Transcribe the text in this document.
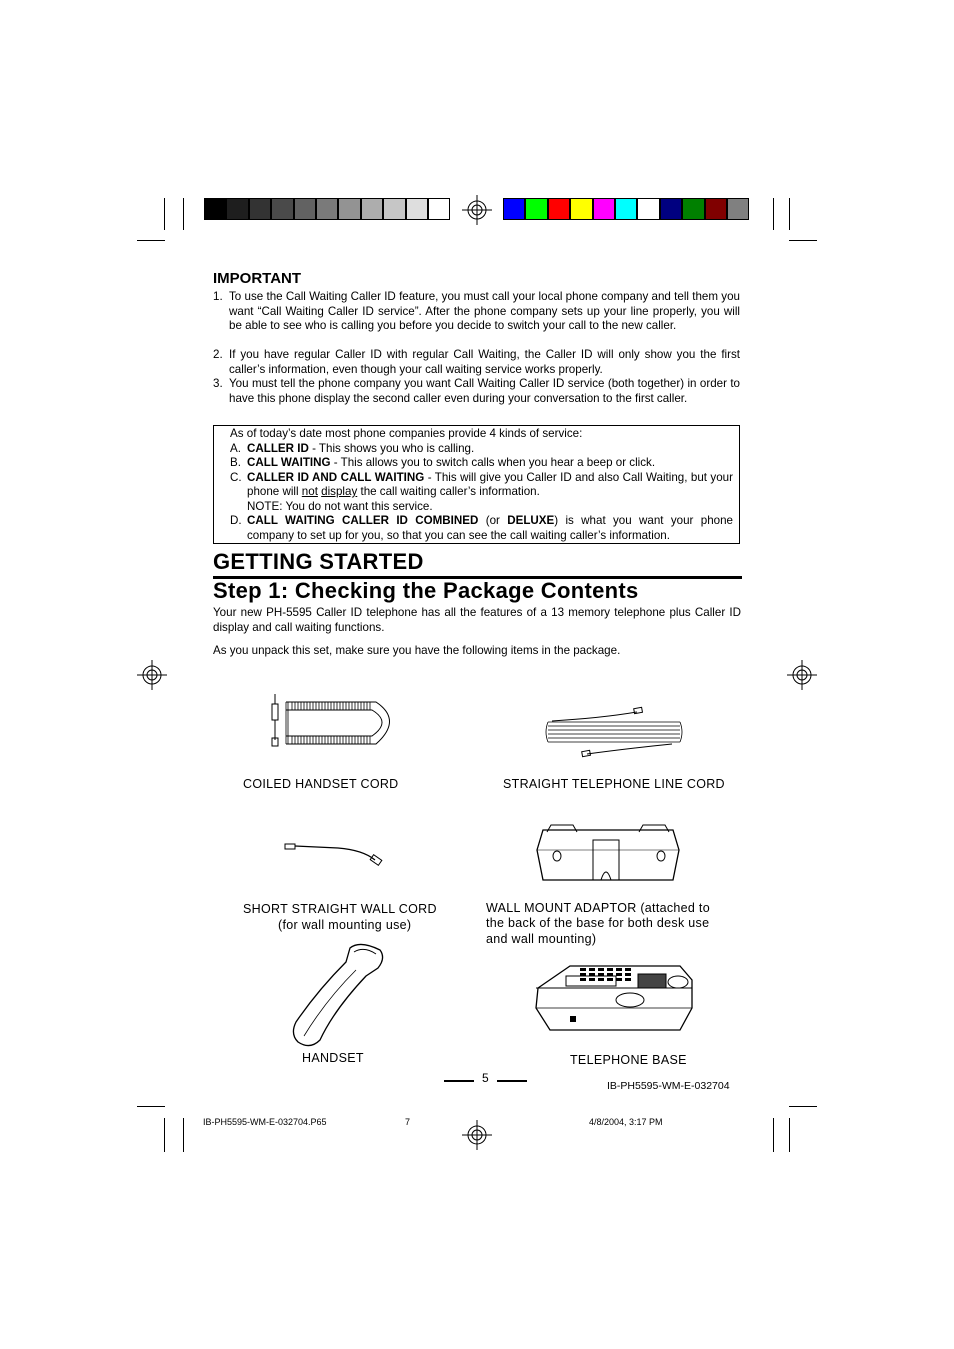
IMPORTANT
1. To use the Call Waiting Caller ID feature, you must call your local phone company and tell them you want “Call Waiting Caller ID service”. After the phone company sets up your line properly, you will be able to see who is calling you before you decide to switch your call to the new caller.
2. If you have regular Caller ID with regular Call Waiting, the Caller ID will only show you the first caller’s information, even though your call waiting service works properly.
3. You must tell the phone company you want Call Waiting Caller ID service (both together) in order to have this phone display the second caller even during your conversation to the first caller.
As of today’s date most phone companies provide 4 kinds of service:
A. CALLER ID - This shows you who is calling.
B. CALL WAITING - This allows you to switch calls when you hear a beep or click.
C. CALLER ID AND CALL WAITING - This will give you Caller ID and also Call Waiting, but your phone will not display the call waiting caller’s information.
NOTE: You do not want this service.
D. CALL WAITING CALLER ID COMBINED (or DELUXE) is what you want your phone company to set up for you, so that you can see the call waiting caller’s information.
GETTING STARTED
Step 1: Checking the Package Contents
Your new PH-5595 Caller ID telephone has all the features of a 13 memory telephone plus Caller ID display and call waiting functions.
As you unpack this set, make sure you have the following items in the package.
COILED HANDSET CORD	STRAIGHT TELEPHONE LINE CORD
SHORT STRAIGHT WALL CORD
(for wall mounting use)
WALL MOUNT ADAPTOR (attached to
the back of the base for both desk use
and wall mounting)
HANDSET	TELEPHONE BASE
5
IB-PH5595-WM-E-032704
IB-PH5595-WM-E-032704.P65	7	4/8/2004, 3:17 PM
